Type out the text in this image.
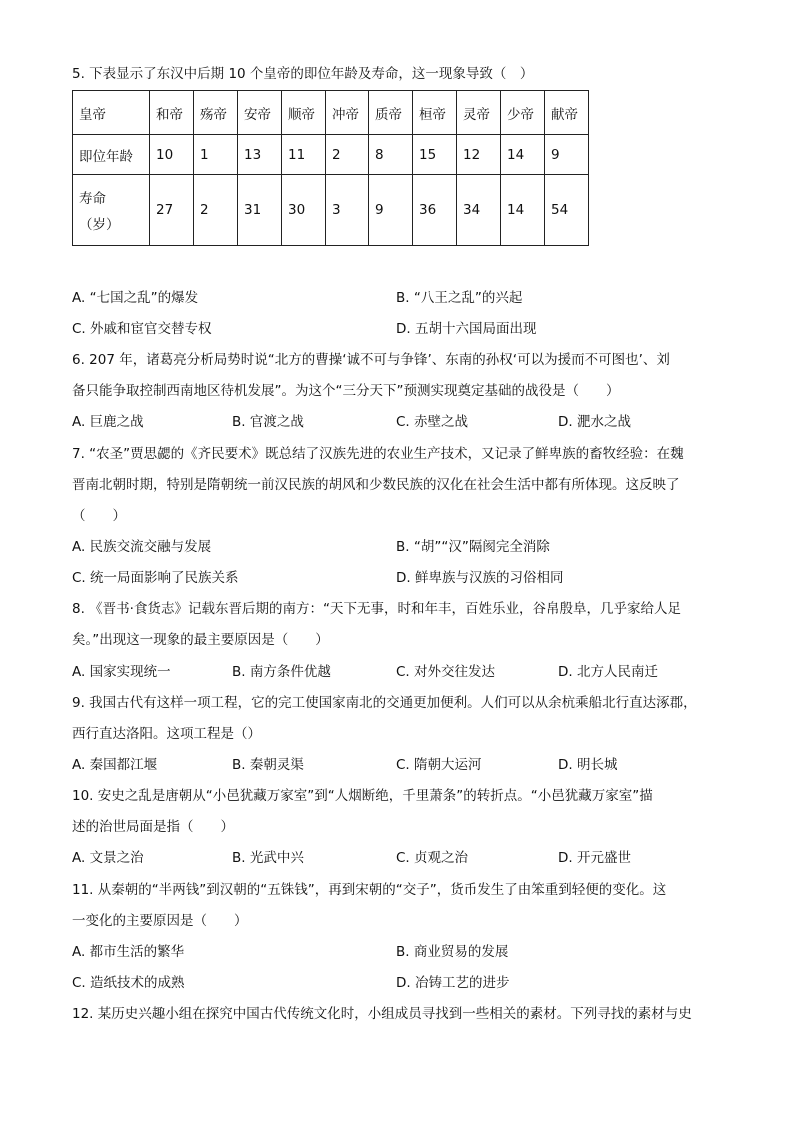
5. 下表显示了东汉中后期 10 个皇帝的即位年龄及寿命，这一现象导致（　）
皇帝	和帝	殇帝	安帝	顺帝	冲帝	质帝	桓帝	灵帝	少帝	献帝
即位年龄	10	1	13	11	2	8	15	12	14	9

寿命
（岁）	27	2	31	30	3	9	36	34	14	54
A. “七国之乱”的爆发	B. “八王之乱”的兴起
C. 外戚和宦官交替专权	D. 五胡十六国局面出现
6. 207 年，诸葛亮分析局势时说“北方的曹操‘诚不可与争锋’、东南的孙权‘可以为援而不可图也’、刘
备只能争取控制西南地区待机发展”。为这个“三分天下”预测实现奠定基础的战役是（　　）
A. 巨鹿之战	B. 官渡之战	C. 赤壁之战	D. 淝水之战
7. “农圣”贾思勰的《齐民要术》既总结了汉族先进的农业生产技术，又记录了鲜卑族的畜牧经验：在魏
晋南北朝时期，特别是隋朝统一前汉民族的胡风和少数民族的汉化在社会生活中都有所体现。这反映了
（　　）
A. 民族交流交融与发展	B. “胡”“汉”隔阂完全消除
C. 统一局面影响了民族关系	D. 鲜卑族与汉族的习俗相同
8. 《晋书·食货志》记载东晋后期的南方：“天下无事，时和年丰，百姓乐业，谷帛殷阜，几乎家给人足
矣。”出现这一现象的最主要原因是（　　）
A. 国家实现统一	B. 南方条件优越	C. 对外交往发达	D. 北方人民南迁
9. 我国古代有这样一项工程，它的完工使国家南北的交通更加便利。人们可以从余杭乘船北行直达涿郡，
西行直达洛阳。这项工程是（）
A. 秦国都江堰	B. 秦朝灵渠	C. 隋朝大运河	D. 明长城
10. 安史之乱是唐朝从“小邑犹藏万家室”到“人烟断绝，千里萧条”的转折点。“小邑犹藏万家室”描
述的治世局面是指（　　）
A. 文景之治	B. 光武中兴	C. 贞观之治	D. 开元盛世
11. 从秦朝的“半两钱”到汉朝的“五铢钱”，再到宋朝的“交子”，货币发生了由笨重到轻便的变化。这
一变化的主要原因是（　　）
A. 都市生活的繁华	B. 商业贸易的发展
C. 造纸技术的成熟	D. 冶铸工艺的进步
12. 某历史兴趣小组在探究中国古代传统文化时，小组成员寻找到一些相关的素材。下列寻找的素材与史
